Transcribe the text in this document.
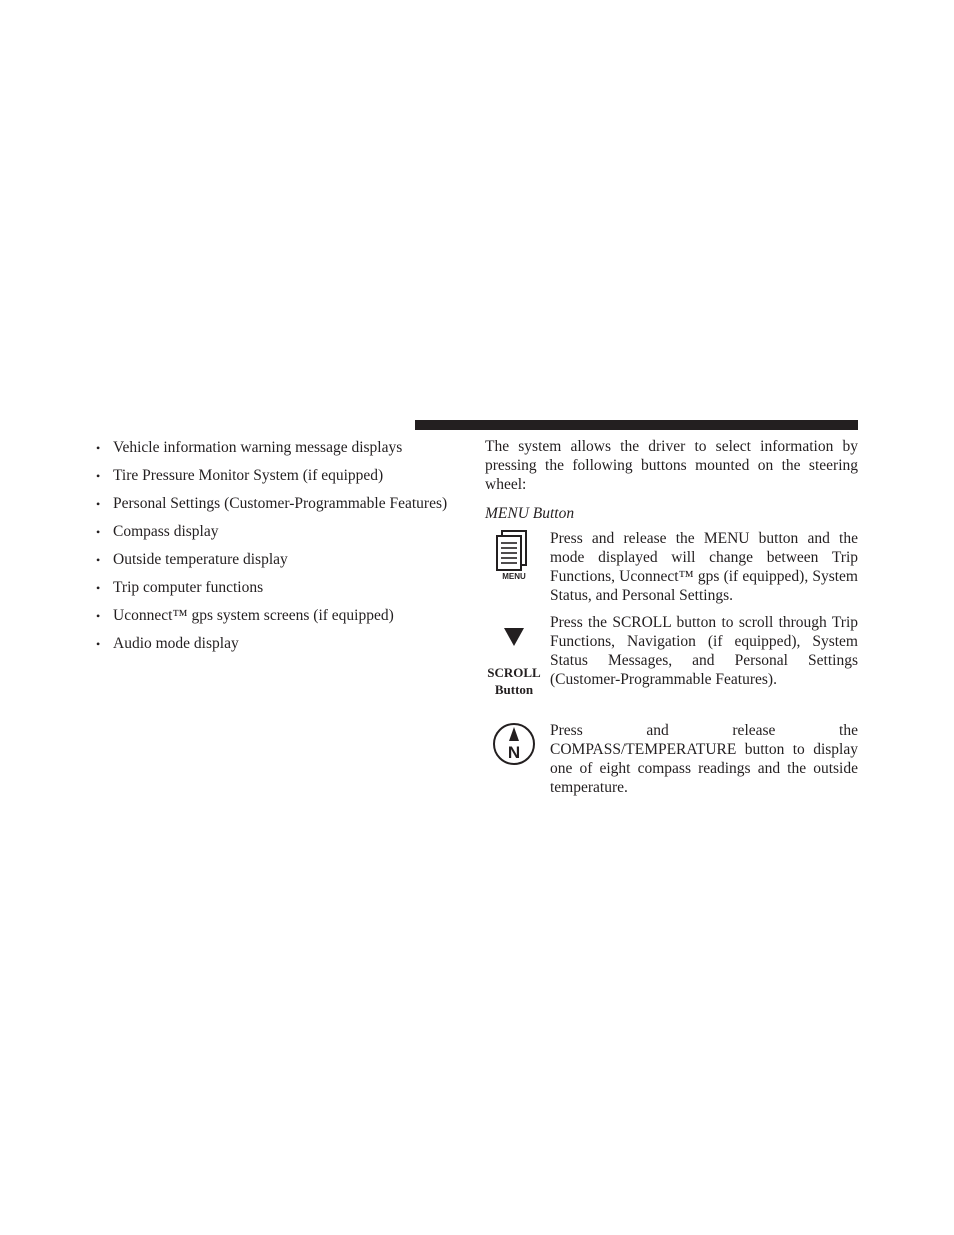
• Vehicle information warning message displays
• Tire Pressure Monitor System (if equipped)
• Personal Settings (Customer-Programmable Features)
• Compass display
• Outside temperature display
• Trip computer functions
• Uconnect™ gps system screens (if equipped)
• Audio mode display

The system allows the driver to select information by pressing the following buttons mounted on the steering wheel:

MENU Button

MENU

Press and release the MENU button and the mode displayed will change between Trip Functions, Uconnect™ gps (if equipped), System Status, and Personal Settings.

SCROLL
Button

Press the SCROLL button to scroll through Trip Functions, Navigation (if equipped), System Status Messages, and Personal Settings (Customer-Programmable Features).

N

Press and release the COMPASS/TEMPERATURE button to display one of eight compass readings and the outside temperature.
